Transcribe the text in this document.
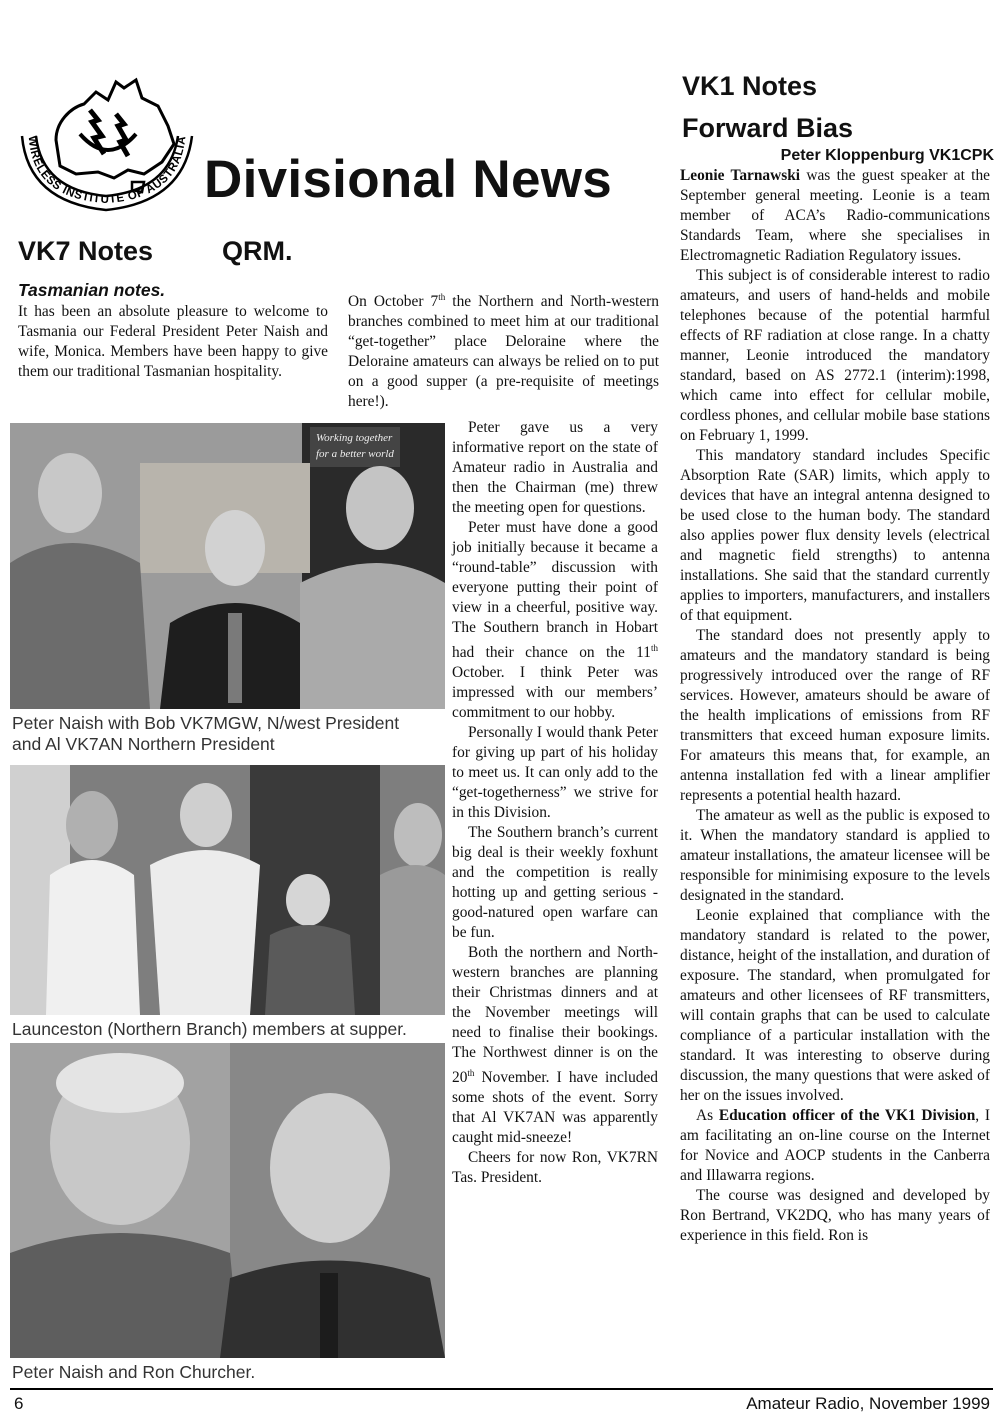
WIRELESS INSTITUTE OF AUSTRALIA
Divisional News
VK7 Notes	QRM.
Tasmanian notes.

It has been an absolute pleasure to welcome to Tasmania our Federal President Peter Naish and wife, Monica. Members have been happy to give them our traditional Tasmanian hospitality.

On October 7th the Northern and North-western branches combined to meet him at our traditional “get-together” place Deloraine where the Deloraine amateurs can always be relied on to put on a good supper (a pre-requisite of meetings here!).

Working together
for a better world
Peter Naish with Bob VK7MGW, N/west President and Al VK7AN Northern President
Launceston (Northern Branch) members at supper.
Peter Naish and Ron Churcher.

Peter gave us a very informative report on the state of Amateur radio in Australia and then the Chairman (me) threw the meeting open for questions.

Peter must have done a good job initially because it became a “round-table” discussion with everyone putting their point of view in a cheerful, positive way. The Southern branch in Hobart had their chance on the 11th October. I think Peter was impressed with our members’ commitment to our hobby.

Personally I would thank Peter for giving up part of his holiday to meet us. It can only add to the “get-togetherness” we strive for in this Division.

The Southern branch’s current big deal is their weekly foxhunt and the competition is really hotting up and getting serious - good-natured open warfare can be fun.

Both the northern and North-western branches are planning their Christmas dinners and at the November meetings will need to finalise their bookings. The Northwest dinner is on the 20th November. I have included some shots of the event. Sorry that Al VK7AN was apparently caught mid-sneeze!

Cheers for now Ron, VK7RN Tas. President.

VK1 Notes
Forward Bias
Peter Kloppenburg VK1CPK

Leonie Tarnawski was the guest speaker at the September general meeting. Leonie is a team member of ACA’s Radio-communications Standards Team, where she specialises in Electromagnetic Radiation Regulatory issues.

This subject is of considerable interest to radio amateurs, and users of hand-helds and mobile telephones because of the potential harmful effects of RF radiation at close range. In a chatty manner, Leonie introduced the mandatory standard, based on AS 2772.1 (interim):1998, which came into effect for cellular mobile, cordless phones, and cellular mobile base stations on February 1, 1999.

This mandatory standard includes Specific Absorption Rate (SAR) limits, which apply to devices that have an integral antenna designed to be used close to the human body. The standard also applies power flux density levels (electrical and magnetic field strengths) to antenna installations. She said that the standard currently applies to importers, manufacturers, and installers of that equipment.

The standard does not presently apply to amateurs and the mandatory standard is being progressively introduced over the range of RF services. However, amateurs should be aware of the health implications of emissions from RF transmitters that exceed human exposure limits. For amateurs this means that, for example, an antenna installation fed with a linear amplifier represents a potential health hazard.

The amateur as well as the public is exposed to it. When the mandatory standard is applied to amateur installations, the amateur licensee will be responsible for minimising exposure to the levels designated in the standard.

Leonie explained that compliance with the mandatory standard is related to the power, distance, height of the installation, and duration of exposure. The standard, when promulgated for amateurs and other licensees of RF transmitters, will contain graphs that can be used to calculate compliance of a particular installation with the standard. It was interesting to observe during discussion, the many questions that were asked of her on the issues involved.

As Education officer of the VK1 Division, I am facilitating an on-line course on the Internet for Novice and AOCP students in the Canberra and Illawarra regions.

The course was designed and developed by Ron Bertrand, VK2DQ, who has many years of experience in this field. Ron is

6	Amateur Radio, November 1999
